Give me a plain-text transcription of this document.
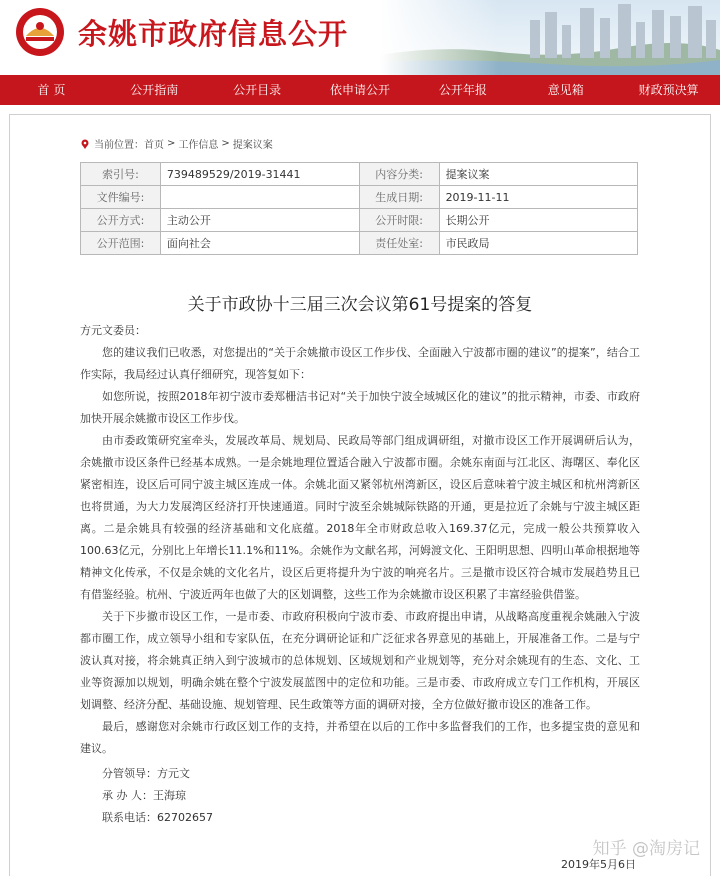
余姚市政府信息公开
首 页	公开指南	公开目录	依申请公开	公开年报	意见箱	财政预决算
当前位置： 首页 > 工作信息 > 提案议案
索引号:	739489529/2019-31441	内容分类:	提案议案
文件编号:		生成日期:	2019-11-11
公开方式:	主动公开	公开时限:	长期公开
公开范围:	面向社会	责任处室:	市民政局
关于市政协十三届三次会议第61号提案的答复

方元文委员：

您的建议我们已收悉，对您提出的“关于余姚撤市设区工作步伐、全面融入宁波都市圈的建议”的提案”，结合工作实际，我局经过认真仔细研究，现答复如下：

如您所说，按照2018年初宁波市委郑栅洁书记对“关于加快宁波全域城区化的建议”的批示精神，市委、市政府加快开展余姚撤市设区工作步伐。

由市委政策研究室牵头，发展改革局、规划局、民政局等部门组成调研组，对撤市设区工作开展调研后认为，余姚撤市设区条件已经基本成熟。一是余姚地理位置适合融入宁波都市圈。余姚东南面与江北区、海曙区、奉化区紧密相连，设区后可同宁波主城区连成一体。余姚北面又紧邻杭州湾新区，设区后意味着宁波主城区和杭州湾新区也将贯通，为大力发展湾区经济打开快速通道。同时宁波至余姚城际铁路的开通，更是拉近了余姚与宁波主城区距离。二是余姚具有较强的经济基础和文化底蕴。2018年全市财政总收入169.37亿元，完成一般公共预算收入100.63亿元，分别比上年增长11.1%和11%。余姚作为文献名邦，河姆渡文化、王阳明思想、四明山革命根据地等精神文化传承，不仅是余姚的文化名片，设区后更将提升为宁波的响亮名片。三是撤市设区符合城市发展趋势且已有借鉴经验。杭州、宁波近两年也做了大的区划调整，这些工作为余姚撤市设区积累了丰富经验供借鉴。

关于下步撤市设区工作，一是市委、市政府积极向宁波市委、市政府提出申请，从战略高度重视余姚融入宁波都市圈工作，成立领导小组和专家队伍，在充分调研论证和广泛征求各界意见的基础上，开展准备工作。二是与宁波认真对接，将余姚真正纳入到宁波城市的总体规划、区域规划和产业规划等，充分对余姚现有的生态、文化、工业等资源加以规划，明确余姚在整个宁波发展蓝图中的定位和功能。三是市委、市政府成立专门工作机构，开展区划调整、经济分配、基础设施、规划管理、民生政策等方面的调研对接，全方位做好撤市设区的准备工作。

最后，感谢您对余姚市行政区划工作的支持，并希望在以后的工作中多监督我们的工作，也多提宝贵的意见和建议。

分管领导：方元文

承 办 人：王海琼

联系电话：62702657

知乎 @淘房记
2019年5月6日
